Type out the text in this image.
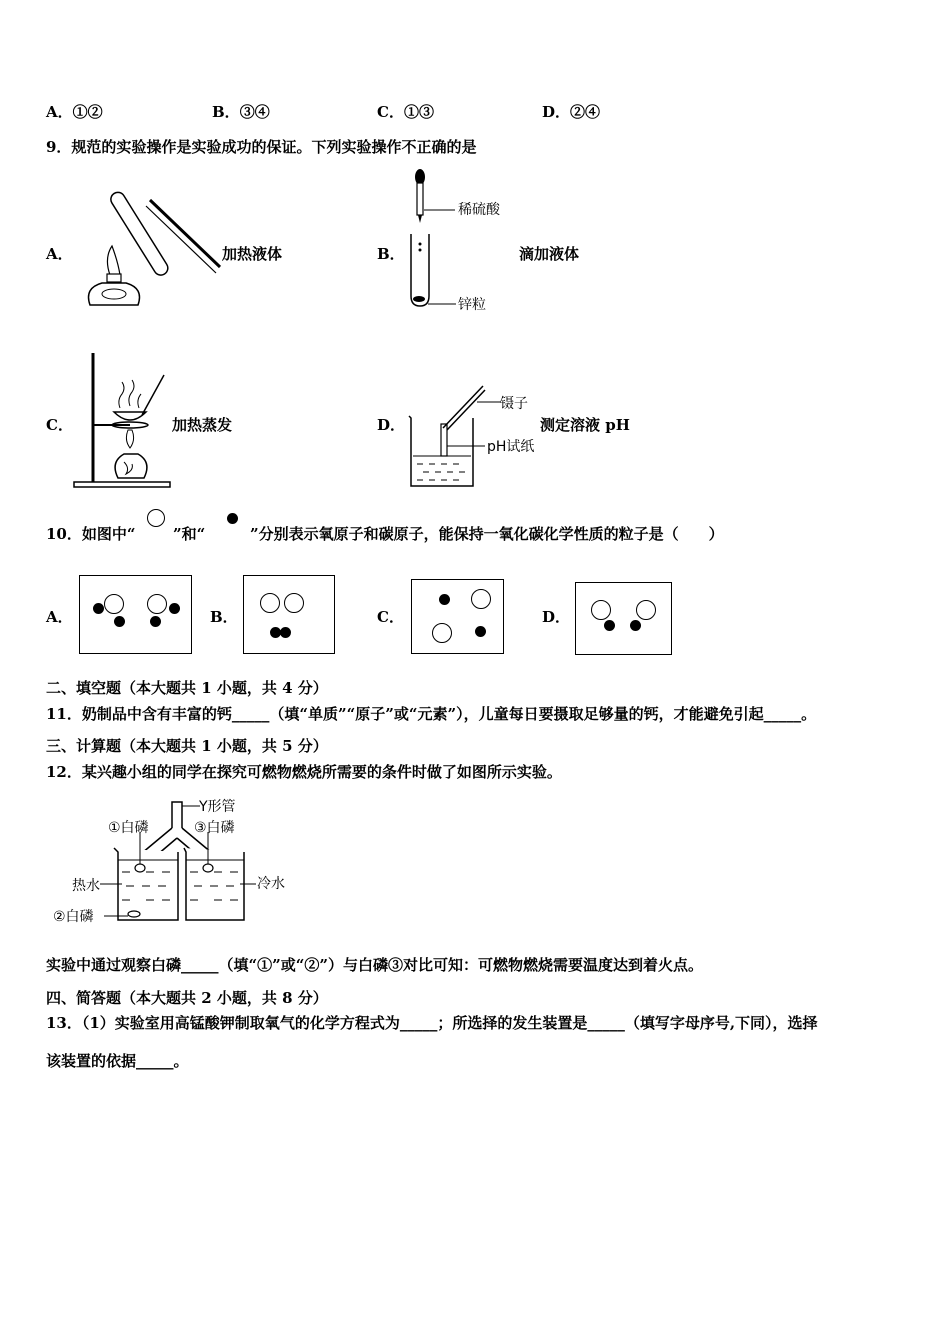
A．①②	B．③④	C．①③	D．②④
9．规范的实验操作是实验成功的保证。下列实验操作不正确的是
A．	加热液体	B．
稀硫酸
锌粒
滴加液体
C．	加热蒸发	D．
镊子
pH试纸
测定溶液 pH
10．如图中“ ”和“	”分别表示氧原子和碳原子，能保持一氧化碳化学性质的粒子是（　　）
A．	B．	C．	D．
二、填空题（本大题共 1 小题，共 4 分）
11．奶制品中含有丰富的钙_____（填“单质”“原子”或“元素”），儿童每日要摄取足够量的钙，才能避免引起_____。
三、计算题（本大题共 1 小题，共 5 分）
12．某兴趣小组的同学在探究可燃物燃烧所需要的条件时做了如图所示实验。
Y形管
①白磷	③白磷
热水	冷水
②白磷
实验中通过观察白磷_____（填“①”或“②”）与白磷③对比可知：可燃物燃烧需要温度达到着火点。
四、简答题（本大题共 2 小题，共 8 分）
13．（1）实验室用高锰酸钾制取氧气的化学方程式为_____；所选择的发生装置是_____（填写字母序号,下同），选择
该装置的依据_____。
